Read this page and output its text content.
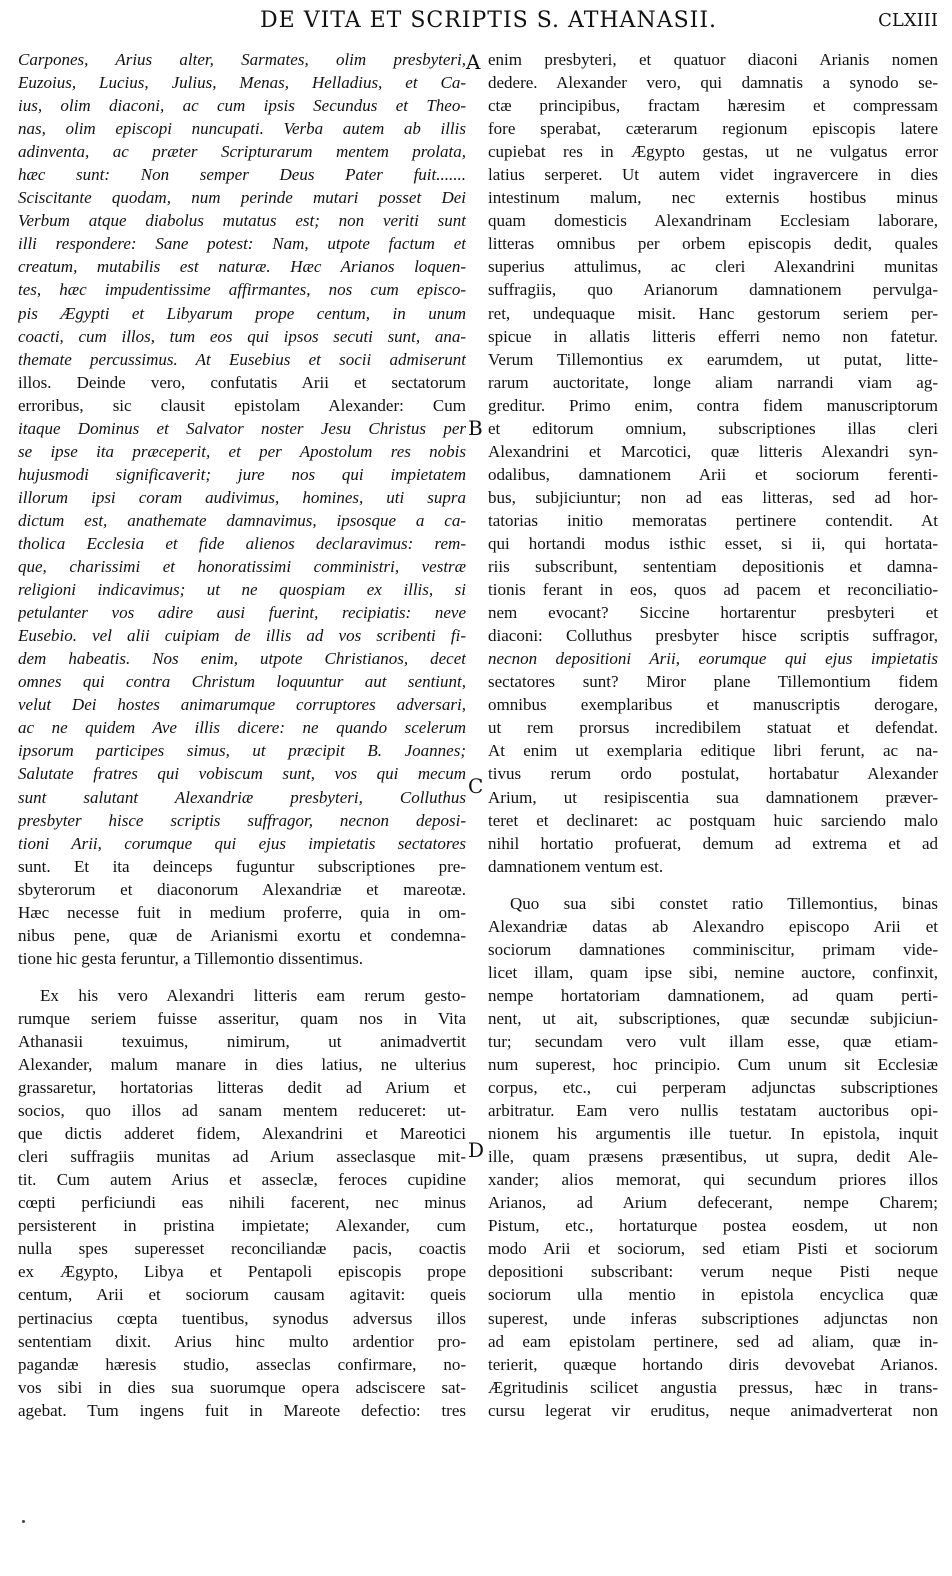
DE VITA ET SCRIPTIS S. ATHANASII.	CLXIII
Carpones, Arius alter, Sarmates, olim presbyteri,
Euzoius, Lucius, Julius, Menas, Helladius, et Ca-
ius, olim diaconi, ac cum ipsis Secundus et Theo-
nas, olim episcopi nuncupati. Verba autem ab illis
adinventa, ac præter Scripturarum mentem prolata,
hæc sunt: Non semper Deus Pater fuit.......
Sciscitante quodam, num perinde mutari posset Dei
Verbum atque diabolus mutatus est; non veriti sunt
illi respondere: Sane potest: Nam, utpote factum et
creatum, mutabilis est naturæ. Hæc Arianos loquen-
tes, hæc impudentissime affirmantes, nos cum episco-
pis Ægypti et Libyarum prope centum, in unum
coacti, cum illos, tum eos qui ipsos secuti sunt, ana-
themate percussimus. At Eusebius et socii admiserunt
illos. Deinde vero, confutatis Arii et sectatorum
erroribus, sic clausit epistolam Alexander: Cum
itaque Dominus et Salvator noster Jesu Christus per
se ipse ita præceperit, et per Apostolum res nobis
hujusmodi significaverit; jure nos qui impietatem
illorum ipsi coram audivimus, homines, uti supra
dictum est, anathemate damnavimus, ipsosque a ca-
tholica Ecclesia et fide alienos declaravimus: rem-
que, charissimi et honoratissimi comministri, vestræ
religioni indicavimus; ut ne quospiam ex illis, si
petulanter vos adire ausi fuerint, recipiatis: neve
Eusebio. vel alii cuipiam de illis ad vos scribenti fi-
dem habeatis. Nos enim, utpote Christianos, decet
omnes qui contra Christum loquuntur aut sentiunt,
velut Dei hostes animarumque corruptores adversari,
ac ne quidem Ave illis dicere: ne quando scelerum
ipsorum participes simus, ut præcipit B. Joannes;
Salutate fratres qui vobiscum sunt, vos qui mecum
sunt salutant Alexandriæ presbyteri, Colluthus
presbyter hisce scriptis suffragor, necnon deposi-
tioni Arii, corumque qui ejus impietatis sectatores
sunt. Et ita deinceps fuguntur subscriptiones pre-
sbyterorum et diaconorum Alexandriæ et mareotæ.
Hæc necesse fuit in medium proferre, quia in om-
nibus pene, quæ de Arianismi exortu et condemna-
tione hic gesta feruntur, a Tillemontio dissentimus.
Ex his vero Alexandri litteris eam rerum gesto-
rumque seriem fuisse asseritur, quam nos in Vita
Athanasii texuimus, nimirum, ut animadvertit
Alexander, malum manare in dies latius, ne ulterius
grassaretur, hortatorias litteras dedit ad Arium et
socios, quo illos ad sanam mentem reduceret: ut-
que dictis adderet fidem, Alexandrini et Mareotici
cleri suffragiis munitas ad Arium asseclasque mit-
tit. Cum autem Arius et asseclæ, feroces cupidine
cœpti perficiundi eas nihili facerent, nec minus
persisterent in pristina impietate; Alexander, cum
nulla spes superesset reconciliandæ pacis, coactis
ex Ægypto, Libya et Pentapoli episcopis prope
centum, Arii et sociorum causam agitavit: queis
pertinacius cœpta tuentibus, synodus adversus illos
sententiam dixit. Arius hinc multo ardentior pro-
pagandæ hæresis studio, asseclas confirmare, no-
vos sibi in dies sua suorumque opera adsciscere sat-
agebat. Tum ingens fuit in Mareote defectio: tres
enim presbyteri, et quatuor diaconi Arianis nomen
dedere. Alexander vero, qui damnatis a synodo se-
ctæ principibus, fractam hæresim et compressam
fore sperabat, cæterarum regionum episcopis latere
cupiebat res in Ægypto gestas, ut ne vulgatus error
latius serperet. Ut autem videt ingravercere in dies
intestinum malum, nec externis hostibus minus
quam domesticis Alexandrinam Ecclesiam laborare,
litteras omnibus per orbem episcopis dedit, quales
superius attulimus, ac cleri Alexandrini munitas
suffragiis, quo Arianorum damnationem pervulga-
ret, undequaque misit. Hanc gestorum seriem per-
spicue in allatis litteris efferri nemo non fatetur.
Verum Tillemontius ex earumdem, ut putat, litte-
rarum auctoritate, longe aliam narrandi viam ag-
greditur. Primo enim, contra fidem manuscriptorum
et editorum omnium, subscriptiones illas cleri
Alexandrini et Marcotici, quæ litteris Alexandri syn-
odalibus, damnationem Arii et sociorum ferenti-
bus, subjiciuntur; non ad eas litteras, sed ad hor-
tatorias initio memoratas pertinere contendit. At
qui hortandi modus isthic esset, si ii, qui hortata-
riis subscribunt, sententiam depositionis et damna-
tionis ferant in eos, quos ad pacem et reconciliatio-
nem evocant? Siccine hortarentur presbyteri et
diaconi: Colluthus presbyter hisce scriptis suffragor,
necnon depositioni Arii, eorumque qui ejus impietatis
sectatores sunt? Miror plane Tillemontium fidem
omnibus exemplaribus et manuscriptis derogare,
ut rem prorsus incredibilem statuat et defendat.
At enim ut exemplaria editique libri ferunt, ac na-
tivus rerum ordo postulat, hortabatur Alexander
Arium, ut resipiscentia sua damnationem præver-
teret et declinaret: ac postquam huic sarciendo malo
nihil hortatio profuerat, demum ad extrema et ad
damnationem ventum est.
Quo sua sibi constet ratio Tillemontius, binas
Alexandriæ datas ab Alexandro episcopo Arii et
sociorum damnationes comminiscitur, primam vide-
licet illam, quam ipse sibi, nemine auctore, confinxit,
nempe hortatoriam damnationem, ad quam perti-
nent, ut ait, subscriptiones, quæ secundæ subjiciun-
tur; secundam vero vult illam esse, quæ etiam-
num superest, hoc principio. Cum unum sit Ecclesiæ
corpus, etc., cui perperam adjunctas subscriptiones
arbitratur. Eam vero nullis testatam auctoribus opi-
nionem his argumentis ille tuetur. In epistola, inquit
ille, quam præsens præsentibus, ut supra, dedit Ale-
xander; alios memorat, qui secundum priores illos
Arianos, ad Arium defecerant, nempe Charem;
Pistum, etc., hortaturque postea eosdem, ut non
modo Arii et sociorum, sed etiam Pisti et sociorum
depositioni subscribant: verum neque Pisti neque
sociorum ulla mentio in epistola encyclica quæ
superest, unde inferas subscriptiones adjunctas non
ad eam epistolam pertinere, sed ad aliam, quæ in-
terierit, quæque hortando diris devovebat Arianos.
Ægritudinis scilicet angustia pressus, hæc in trans-
cursu legerat vir eruditus, neque animadverterat non
A
B
C
D
